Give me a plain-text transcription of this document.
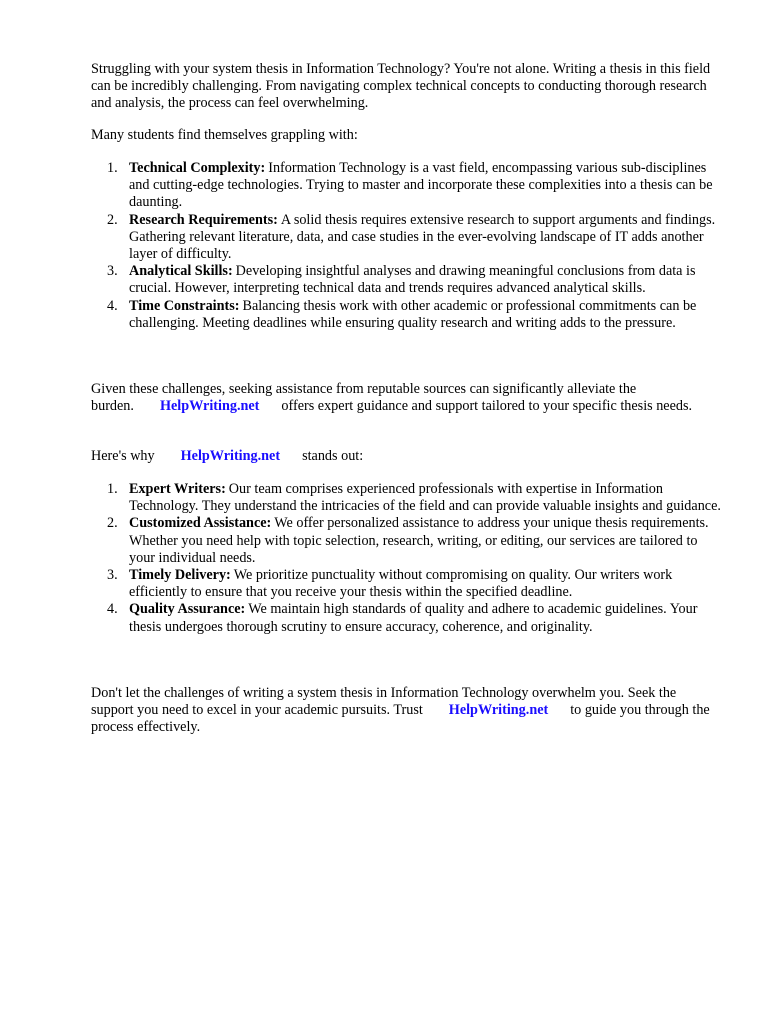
Struggling with your system thesis in Information Technology? You're not alone. Writing a thesis in this field can be incredibly challenging. From navigating complex technical concepts to conducting thorough research and analysis, the process can feel overwhelming.

Many students find themselves grappling with:

1. Technical Complexity: Information Technology is a vast field, encompassing various sub-disciplines and cutting-edge technologies. Trying to master and incorporate these complexities into a thesis can be daunting.
2. Research Requirements: A solid thesis requires extensive research to support arguments and findings. Gathering relevant literature, data, and case studies in the ever-evolving landscape of IT adds another layer of difficulty.
3. Analytical Skills: Developing insightful analyses and drawing meaningful conclusions from data is crucial. However, interpreting technical data and trends requires advanced analytical skills.
4. Time Constraints: Balancing thesis work with other academic or professional commitments can be challenging. Meeting deadlines while ensuring quality research and writing adds to the pressure.

Given these challenges, seeking assistance from reputable sources can significantly alleviate the burden. HelpWriting.net offers expert guidance and support tailored to your specific thesis needs.

Here's why HelpWriting.net stands out:

1. Expert Writers: Our team comprises experienced professionals with expertise in Information Technology. They understand the intricacies of the field and can provide valuable insights and guidance.
2. Customized Assistance: We offer personalized assistance to address your unique thesis requirements. Whether you need help with topic selection, research, writing, or editing, our services are tailored to your individual needs.
3. Timely Delivery: We prioritize punctuality without compromising on quality. Our writers work efficiently to ensure that you receive your thesis within the specified deadline.
4. Quality Assurance: We maintain high standards of quality and adhere to academic guidelines. Your thesis undergoes thorough scrutiny to ensure accuracy, coherence, and originality.

Don't let the challenges of writing a system thesis in Information Technology overwhelm you. Seek the support you need to excel in your academic pursuits. Trust HelpWriting.net to guide you through the process effectively.
